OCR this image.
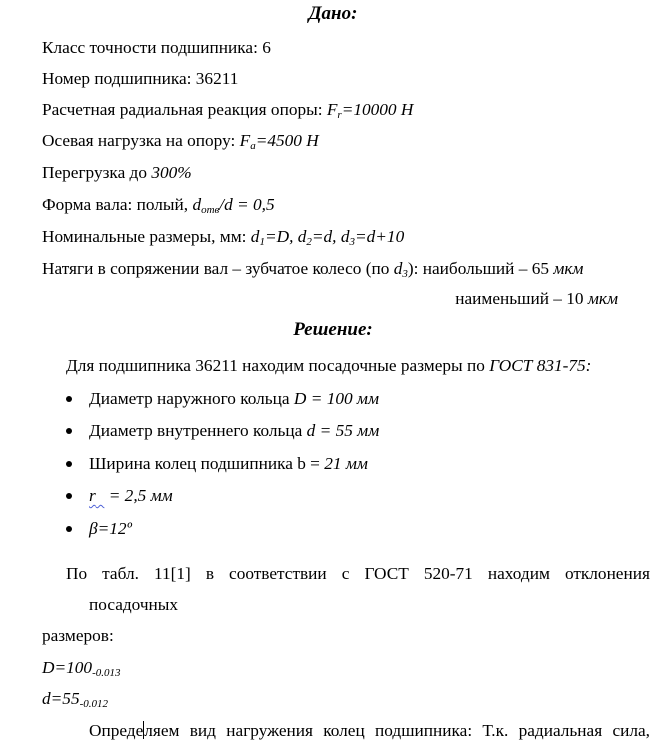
Дано:
Класс точности подшипника: 6
Номер подшипника: 36211
Расчетная радиальная реакция опоры: $F_r=10000$ Н
Осевая нагрузка на опору: $F_a=4500$ Н
Перегрузка до 300%
Форма вала: полый, $d_{отв}/d = 0,5$
Номинальные размеры, мм: $d_1=D$, $d_2=d$, $d_3=d+10$
Натяги в сопряжении вал – зубчатое колесо (по $d_3$): наибольший – 65 мкм
наименьший – 10 мкм
Решение:
Для подшипника 36211 находим посадочные размеры по ГОСТ 831-75:
Диаметр наружного кольца D = 100 мм
Диаметр внутреннего кольца d = 55 мм
Ширина колец подшипника b = 21 мм
r   = 2,5 мм
β=12º
По табл. 11[1] в соответствии с ГОСТ 520-71 находим отклонения
посадочных
размеров:
$D=100_{-0.013}$
$d=55_{-0.012}$
Определяем вид нагружения колец подшипника: Т.к. радиальная сила,
